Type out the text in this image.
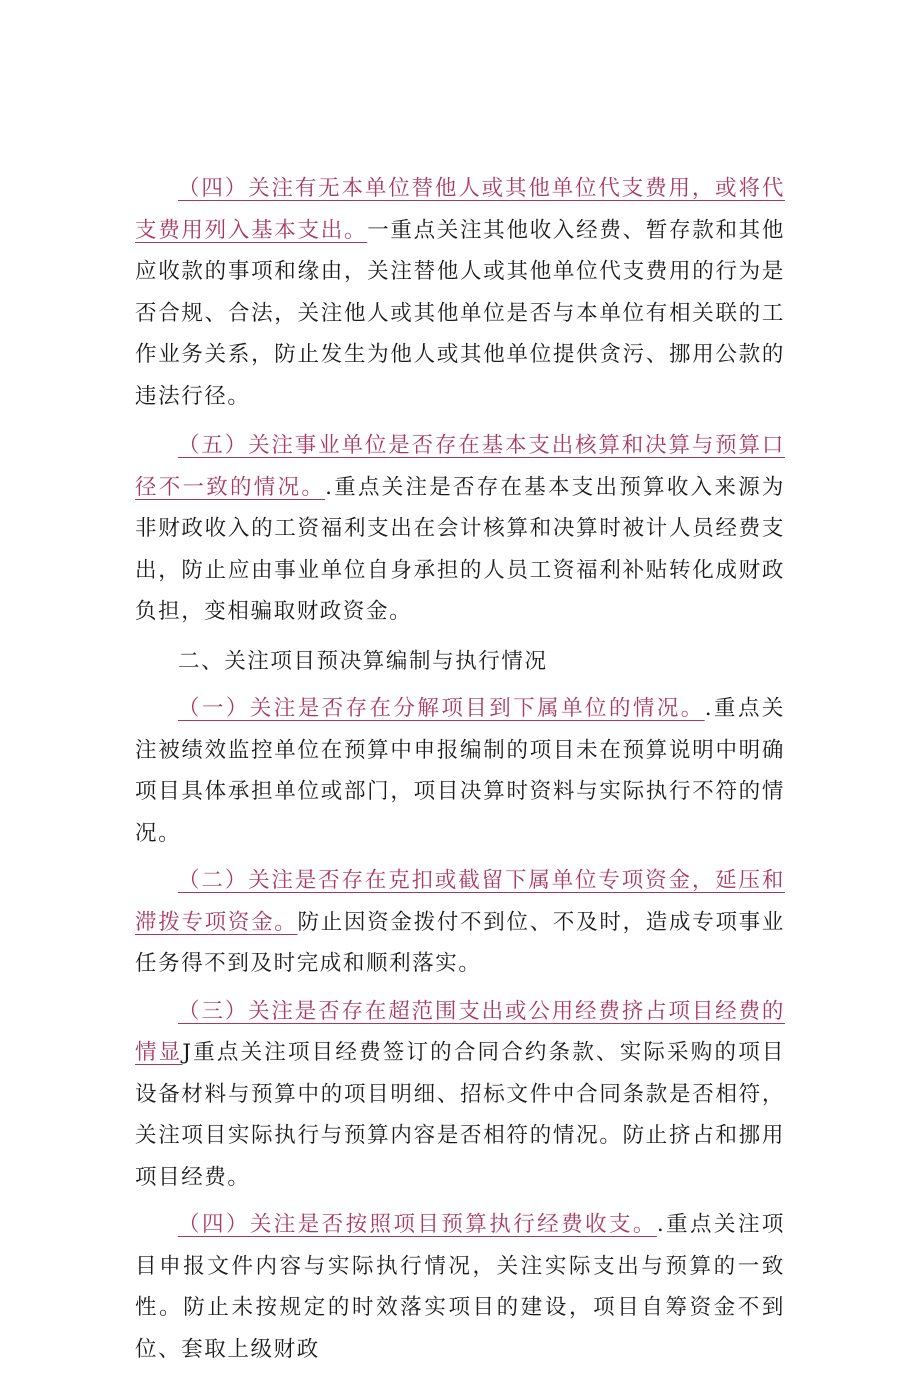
（四）关注有无本单位替他人或其他单位代支费用，或将代支费用列入基本支出。一重点关注其他收入经费、暂存款和其他应收款的事项和缘由，关注替他人或其他单位代支费用的行为是否合规、合法，关注他人或其他单位是否与本单位有相关联的工作业务关系，防止发生为他人或其他单位提供贪污、挪用公款的违法行径。

（五）关注事业单位是否存在基本支出核算和决算与预算口径不一致的情况。.重点关注是否存在基本支出预算收入来源为非财政收入的工资福利支出在会计核算和决算时被计人员经费支出，防止应由事业单位自身承担的人员工资福利补贴转化成财政负担，变相骗取财政资金。

二、关注项目预决算编制与执行情况

（一）关注是否存在分解项目到下属单位的情况。.重点关注被绩效监控单位在预算中申报编制的项目未在预算说明中明确项目具体承担单位或部门，项目决算时资料与实际执行不符的情况。

（二）关注是否存在克扣或截留下属单位专项资金，延压和滞拨专项资金。防止因资金拨付不到位、不及时，造成专项事业任务得不到及时完成和顺利落实。

（三）关注是否存在超范围支出或公用经费挤占项目经费的情显J重点关注项目经费签订的合同合约条款、实际采购的项目设备材料与预算中的项目明细、招标文件中合同条款是否相符，关注项目实际执行与预算内容是否相符的情况。防止挤占和挪用项目经费。

（四）关注是否按照项目预算执行经费收支。.重点关注项目申报文件内容与实际执行情况，关注实际支出与预算的一致性。防止未按规定的时效落实项目的建设，项目自筹资金不到位、套取上级财政
